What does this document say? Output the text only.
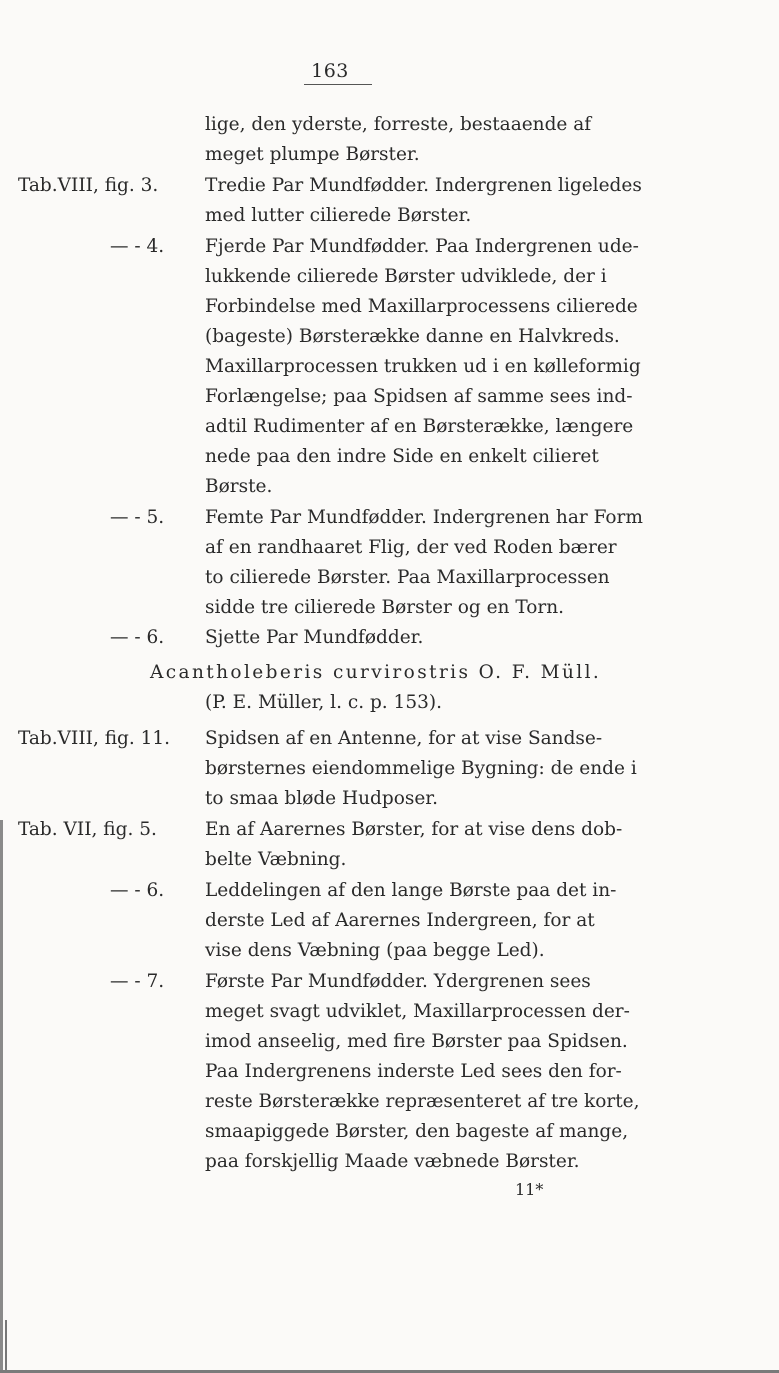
163
lige, den yderste, forreste, bestaaende af
meget plumpe Børster.
Tab.VIII, fig. 3.	Tredie Par Mundfødder. Indergrenen ligeledes
med lutter cilierede Børster.
— - 4. Fjerde Par Mundfødder. Paa Indergrenen ude-
lukkende cilierede Børster udviklede, der i
Forbindelse med Maxillarprocessens cilierede
(bageste) Børsterække danne en Halvkreds.
Maxillarprocessen trukken ud i en kølleformig
Forlængelse; paa Spidsen af samme sees ind-
adtil Rudimenter af en Børsterække, længere
nede paa den indre Side en enkelt cilieret
Børste.
— - 5. Femte Par Mundfødder. Indergrenen har Form
af en randhaaret Flig, der ved Roden bærer
to cilierede Børster. Paa Maxillarprocessen
sidde tre cilierede Børster og en Torn.
— - 6. Sjette Par Mundfødder.
Acantholeberis curvirostris O. F. Müll.
(P. E. Müller, l. c. p. 153).
Tab.VIII, fig. 11. Spidsen af en Antenne, for at vise Sandse-
børsternes eiendommelige Bygning: de ende i
to smaa bløde Hudposer.
Tab. VII, fig. 5.	En af Aarernes Børster, for at vise dens dob-
belte Væbning.
— - 6. Leddelingen af den lange Børste paa det in-
derste Led af Aarernes Indergreen, for at
vise dens Væbning (paa begge Led).
— - 7. Første Par Mundfødder. Ydergrenen sees
meget svagt udviklet, Maxillarprocessen der-
imod anseelig, med fire Børster paa Spidsen.
Paa Indergrenens inderste Led sees den for-
reste Børsterække repræsenteret af tre korte,
smaapiggede Børster, den bageste af mange,
paa forskjellig Maade væbnede Børster.
11*
